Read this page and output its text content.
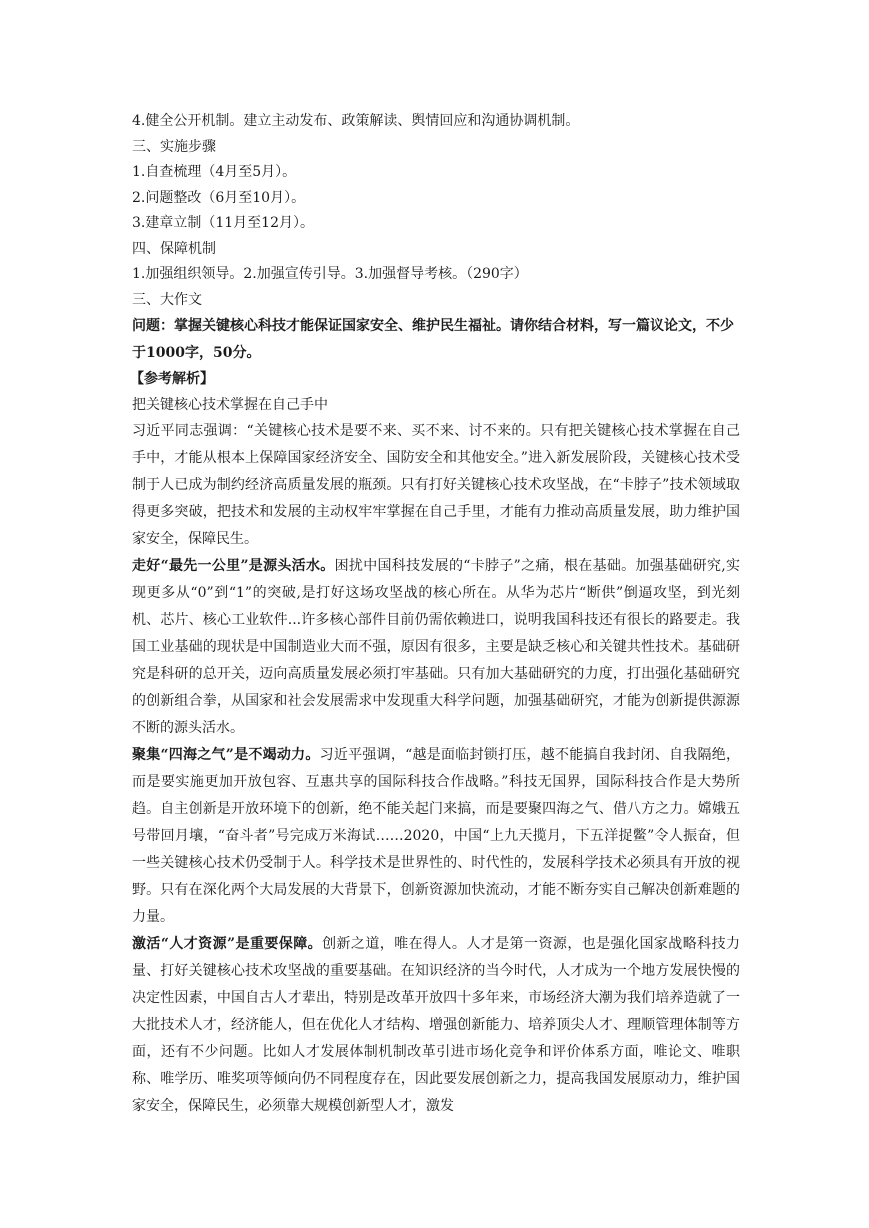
4.健全公开机制。建立主动发布、政策解读、舆情回应和沟通协调机制。
三、实施步骤
1.自查梳理（4月至5月）。
2.问题整改（6月至10月）。
3.建章立制（11月至12月）。
四、保障机制
1.加强组织领导。2.加强宣传引导。3.加强督导考核。（290字）
三、大作文

问题：掌握关键核心科技才能保证国家安全、维护民生福祉。请你结合材料，写一篇议论文，不少于1000字，50分。

【参考解析】
把关键核心技术掌握在自己手中

习近平同志强调：“关键核心技术是要不来、买不来、讨不来的。只有把关键核心技术掌握在自己手中，才能从根本上保障国家经济安全、国防安全和其他安全。”进入新发展阶段，关键核心技术受制于人已成为制约经济高质量发展的瓶颈。只有打好关键核心技术攻坚战，在“卡脖子”技术领域取得更多突破，把技术和发展的主动权牢牢掌握在自己手里，才能有力推动高质量发展，助力维护国家安全，保障民生。

走好“最先一公里”是源头活水。困扰中国科技发展的“卡脖子”之痛，根在基础。加强基础研究,实现更多从“0”到“1”的突破,是打好这场攻坚战的核心所在。从华为芯片“断供”倒逼攻坚，到光刻机、芯片、核心工业软件...许多核心部件目前仍需依赖进口，说明我国科技还有很长的路要走。我国工业基础的现状是中国制造业大而不强，原因有很多，主要是缺乏核心和关键共性技术。基础研究是科研的总开关，迈向高质量发展必须打牢基础。只有加大基础研究的力度，打出强化基础研究的创新组合拳，从国家和社会发展需求中发现重大科学问题，加强基础研究，才能为创新提供源源不断的源头活水。

聚集“四海之气”是不竭动力。习近平强调，“越是面临封锁打压，越不能搞自我封闭、自我隔绝，而是要实施更加开放包容、互惠共享的国际科技合作战略。”科技无国界，国际科技合作是大势所趋。自主创新是开放环境下的创新，绝不能关起门来搞，而是要聚四海之气、借八方之力。嫦娥五号带回月壤，“奋斗者”号完成万米海试……2020，中国“上九天揽月，下五洋捉鳖”令人振奋，但一些关键核心技术仍受制于人。科学技术是世界性的、时代性的，发展科学技术必须具有开放的视野。只有在深化两个大局发展的大背景下，创新资源加快流动，才能不断夯实自己解决创新难题的力量。

激活“人才资源”是重要保障。创新之道，唯在得人。人才是第一资源，也是强化国家战略科技力量、打好关键核心技术攻坚战的重要基础。在知识经济的当今时代，人才成为一个地方发展快慢的决定性因素，中国自古人才辈出，特别是改革开放四十多年来，市场经济大潮为我们培养造就了一大批技术人才，经济能人，但在优化人才结构、增强创新能力、培养顶尖人才、理顺管理体制等方面，还有不少问题。比如人才发展体制机制改革引进市场化竞争和评价体系方面，唯论文、唯职称、唯学历、唯奖项等倾向仍不同程度存在，因此要发展创新之力，提高我国发展原动力，维护国家安全，保障民生，必须靠大规模创新型人才，激发
